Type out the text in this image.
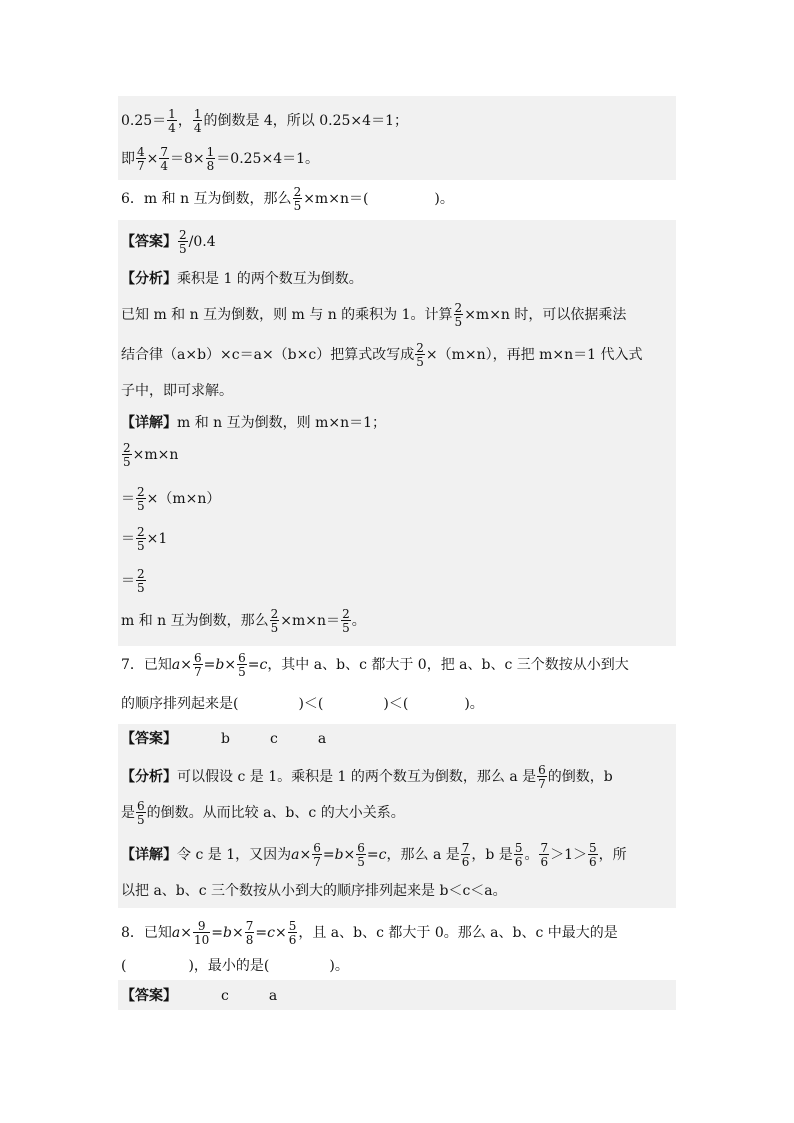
$0.25= \frac{1}{4}$ ， $\frac{1}{4}$ 的倒数是 4，所以 0.25×4＝1；
即 $\frac{4}{7} \times \frac{7}{4} =8\times \frac{1}{8} =0.25\times 4=1$。
6．m 和 n 互为倒数，那么 $\frac{2}{5} \times m\times n=$(	)。
【答案】 $\frac{2}{5} /0.4$
【分析】乘积是 1 的两个数互为倒数。
已知 m 和 n 互为倒数，则 m 与 n 的乘积为 1。计算 $\frac{2}{5} \times m\times n$ 时，可以依据乘法
结合律（a×b）×c＝a×（b×c）把算式改写成 $\frac{2}{5} \times(m\times n)$，再把 m×n＝1 代入式
子中，即可求解。
【详解】m 和 n 互为倒数，则 m×n＝1；
$\frac{2}{5} \times m\times n$
＝ $\frac{2}{5} \times(m\times n)$
＝ $\frac{2}{5} \times 1$
＝ $\frac{2}{5}$
m 和 n 互为倒数，那么 $\frac{2}{5} \times m\times n= \frac{2}{5}$ 。
7．已知$a\times \frac{6}{7} =b\times \frac{6}{5} =c$，其中 a、b、c 都大于 0，把 a、b、c 三个数按从小到大
的顺序排列起来是(	)＜(	)＜(	)。
【答案】	b	c	a
【分析】可以假设 c 是 1。乘积是 1 的两个数互为倒数，那么 a 是 $\frac{6}{7}$ 的倒数，b
是 $\frac{6}{5}$ 的倒数。从而比较 a、b、c 的大小关系。
【详解】令 c 是 1，又因为$a\times \frac{6}{7} =b\times \frac{6}{5} =c$，那么 a 是 $\frac{7}{6}$ ，b 是 $\frac{5}{6}$ 。 $\frac{7}{6} >1> \frac{5}{6}$ ，所
以把 a、b、c 三个数按从小到大的顺序排列起来是 b＜c＜a。
8．已知$a\times \frac{9}{10} =b\times \frac{7}{8} =c\times \frac{5}{6}$ ，且 a、b、c 都大于 0。那么 a、b、c 中最大的是
(	)，最小的是(	)。
【答案】	c	a
